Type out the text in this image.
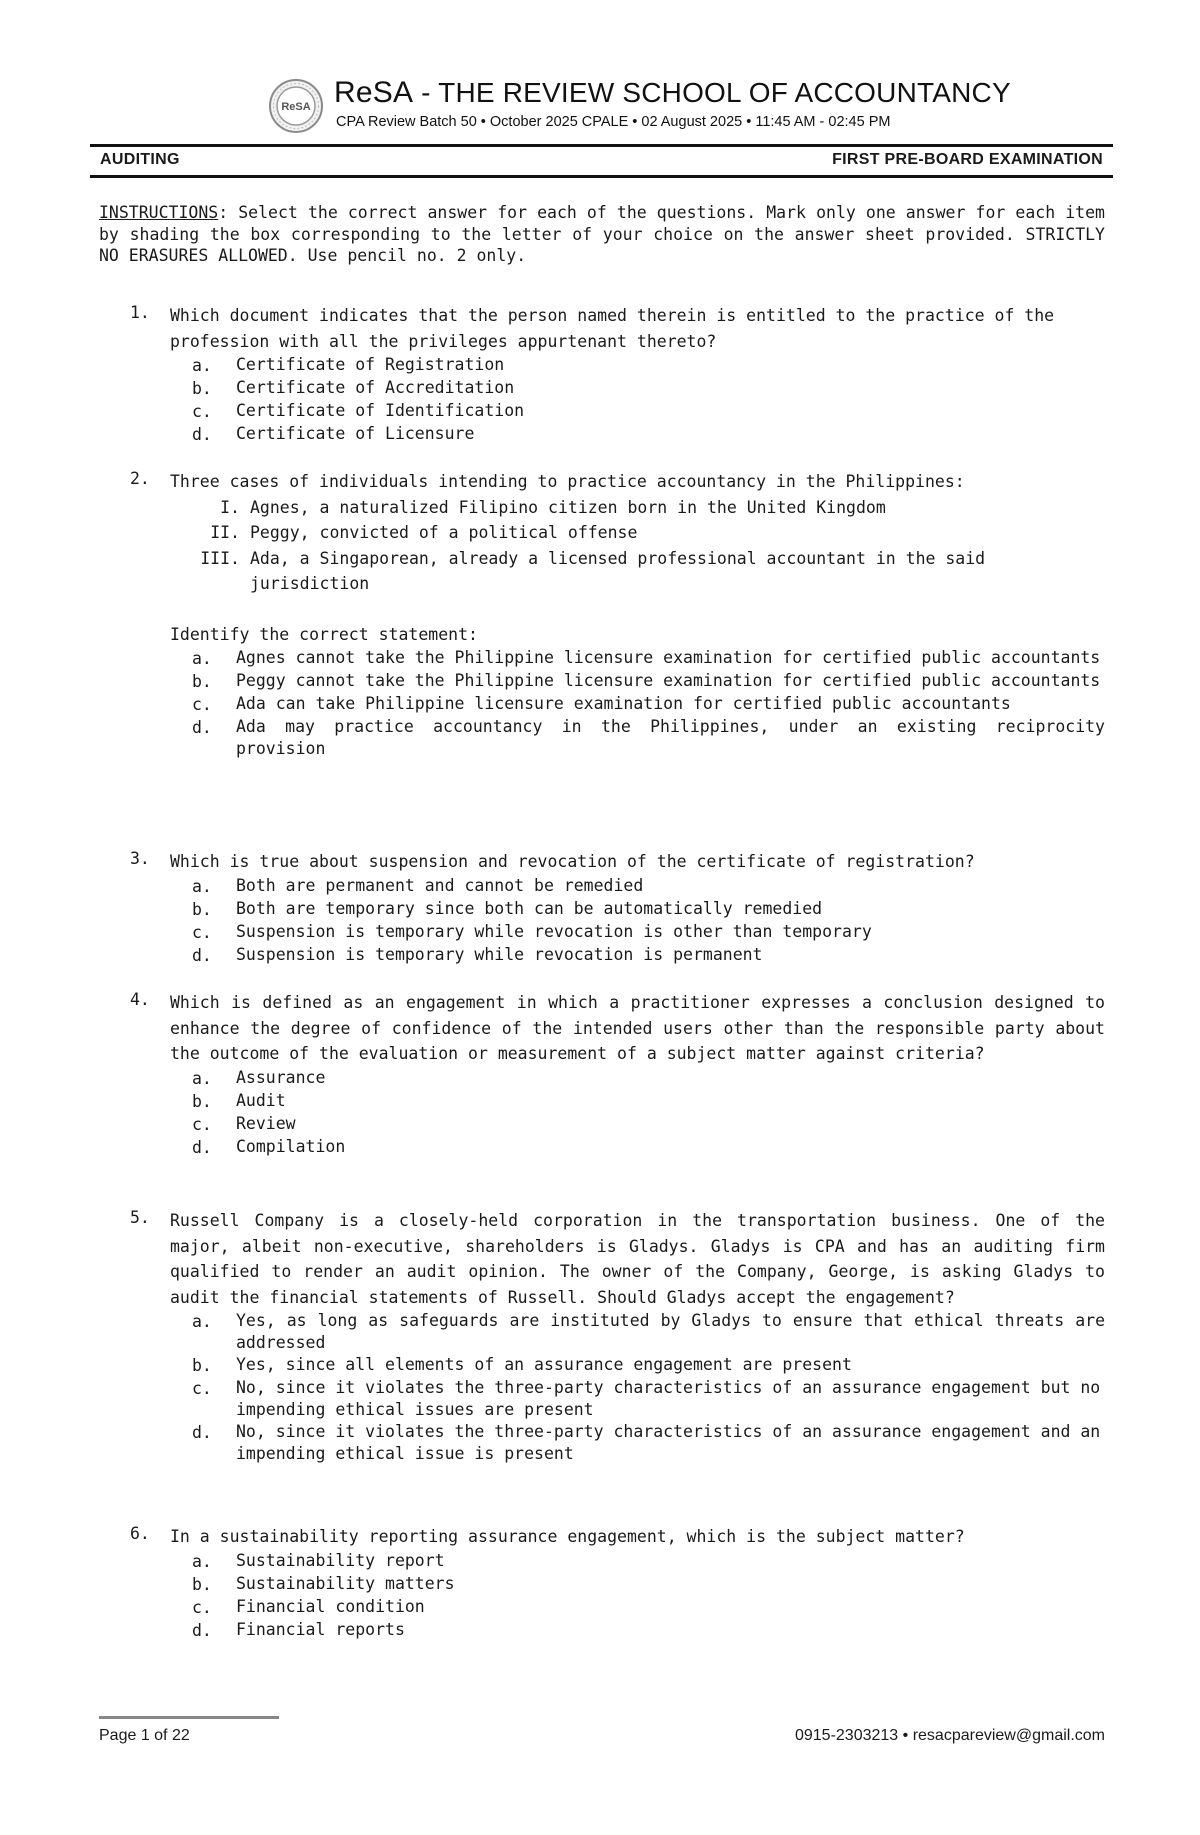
ReSA ReSA - THE REVIEW SCHOOL OF ACCOUNTANCY
CPA Review Batch 50 • October 2025 CPALE • 02 August 2025 • 11:45 AM - 02:45 PM
AUDITING	FIRST PRE-BOARD EXAMINATION
INSTRUCTIONS: Select the correct answer for each of the questions. Mark only one answer for each item by shading the box corresponding to the letter of your choice on the answer sheet provided. STRICTLY NO ERASURES ALLOWED. Use pencil no. 2 only.
1.	Which document indicates that the person named therein is entitled to the practice of the profession with all the privileges appurtenant thereto?
a.	Certificate of Registration
b.	Certificate of Accreditation
c.	Certificate of Identification
d.	Certificate of Licensure
2.	Three cases of individuals intending to practice accountancy in the Philippines:
I. Agnes, a naturalized Filipino citizen born in the United Kingdom
II. Peggy, convicted of a political offense
III. Ada, a Singaporean, already a licensed professional accountant in the said jurisdiction
Identify the correct statement:
a.	Agnes cannot take the Philippine licensure examination for certified public accountants
b.	Peggy cannot take the Philippine licensure examination for certified public accountants
c.	Ada can take Philippine licensure examination for certified public accountants
d.	Ada may practice accountancy in the Philippines, under an existing reciprocity provision
3.	Which is true about suspension and revocation of the certificate of registration?
a.	Both are permanent and cannot be remedied
b.	Both are temporary since both can be automatically remedied
c.	Suspension is temporary while revocation is other than temporary
d.	Suspension is temporary while revocation is permanent
4.	Which is defined as an engagement in which a practitioner expresses a conclusion designed to enhance the degree of confidence of the intended users other than the responsible party about the outcome of the evaluation or measurement of a subject matter against criteria?
a.	Assurance
b.	Audit
c.	Review
d.	Compilation
5.	Russell Company is a closely-held corporation in the transportation business. One of the major, albeit non-executive, shareholders is Gladys. Gladys is CPA and has an auditing firm qualified to render an audit opinion. The owner of the Company, George, is asking Gladys to audit the financial statements of Russell. Should Gladys accept the engagement?
a.	Yes, as long as safeguards are instituted by Gladys to ensure that ethical threats are addressed
b.	Yes, since all elements of an assurance engagement are present
c.	No, since it violates the three-party characteristics of an assurance engagement but no impending ethical issues are present
d.	No, since it violates the three-party characteristics of an assurance engagement and an impending ethical issue is present
6.	In a sustainability reporting assurance engagement, which is the subject matter?
a.	Sustainability report
b.	Sustainability matters
c.	Financial condition
d.	Financial reports
Page 1 of 22	0915-2303213 • resacpareview@gmail.com
